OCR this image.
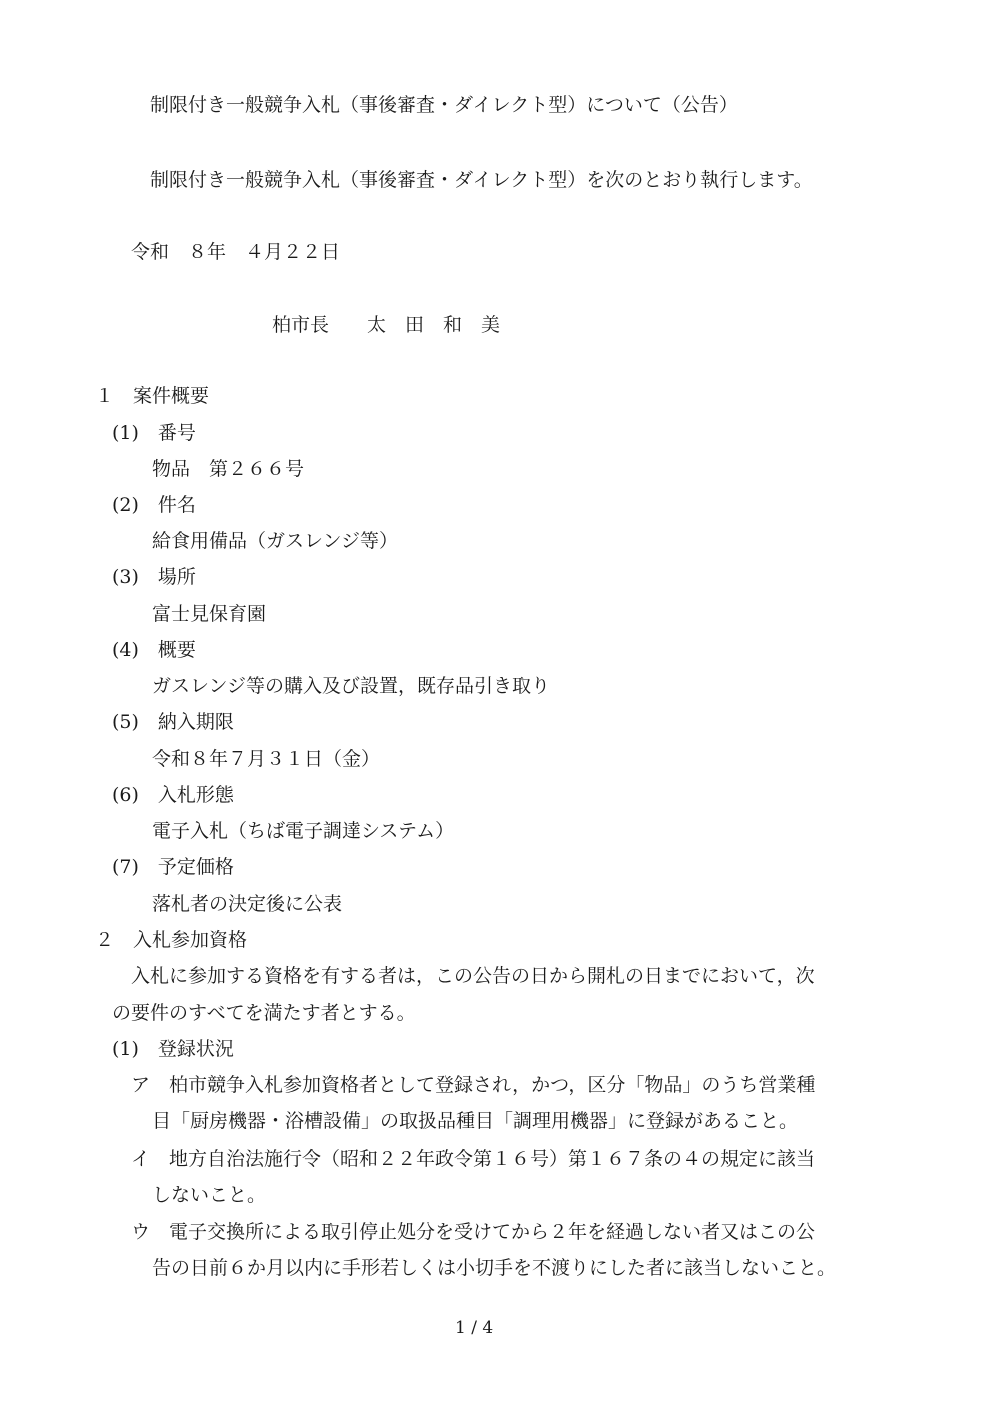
制限付き一般競争入札（事後審査・ダイレクト型）について（公告）
制限付き一般競争入札（事後審査・ダイレクト型）を次のとおり執行します。
令和　８年　４月２２日
柏市長　　太　田　和　美
１　案件概要
(1)　番号
物品　第２６６号
(2)　件名
給食用備品（ガスレンジ等）
(3)　場所
富士見保育園
(4)　概要
ガスレンジ等の購入及び設置，既存品引き取り
(5)　納入期限
令和８年７月３１日（金）
(6)　入札形態
電子入札（ちば電子調達システム）
(7)　予定価格
落札者の決定後に公表
２　入札参加資格
入札に参加する資格を有する者は，この公告の日から開札の日までにおいて，次
の要件のすべてを満たす者とする。
(1)　登録状況
ア　柏市競争入札参加資格者として登録され，かつ，区分「物品」のうち営業種
目「厨房機器・浴槽設備」の取扱品種目「調理用機器」に登録があること。
イ　地方自治法施行令（昭和２２年政令第１６号）第１６７条の４の規定に該当
しないこと。
ウ　電子交換所による取引停止処分を受けてから２年を経過しない者又はこの公
告の日前６か月以内に手形若しくは小切手を不渡りにした者に該当しないこと。
1 / 4
